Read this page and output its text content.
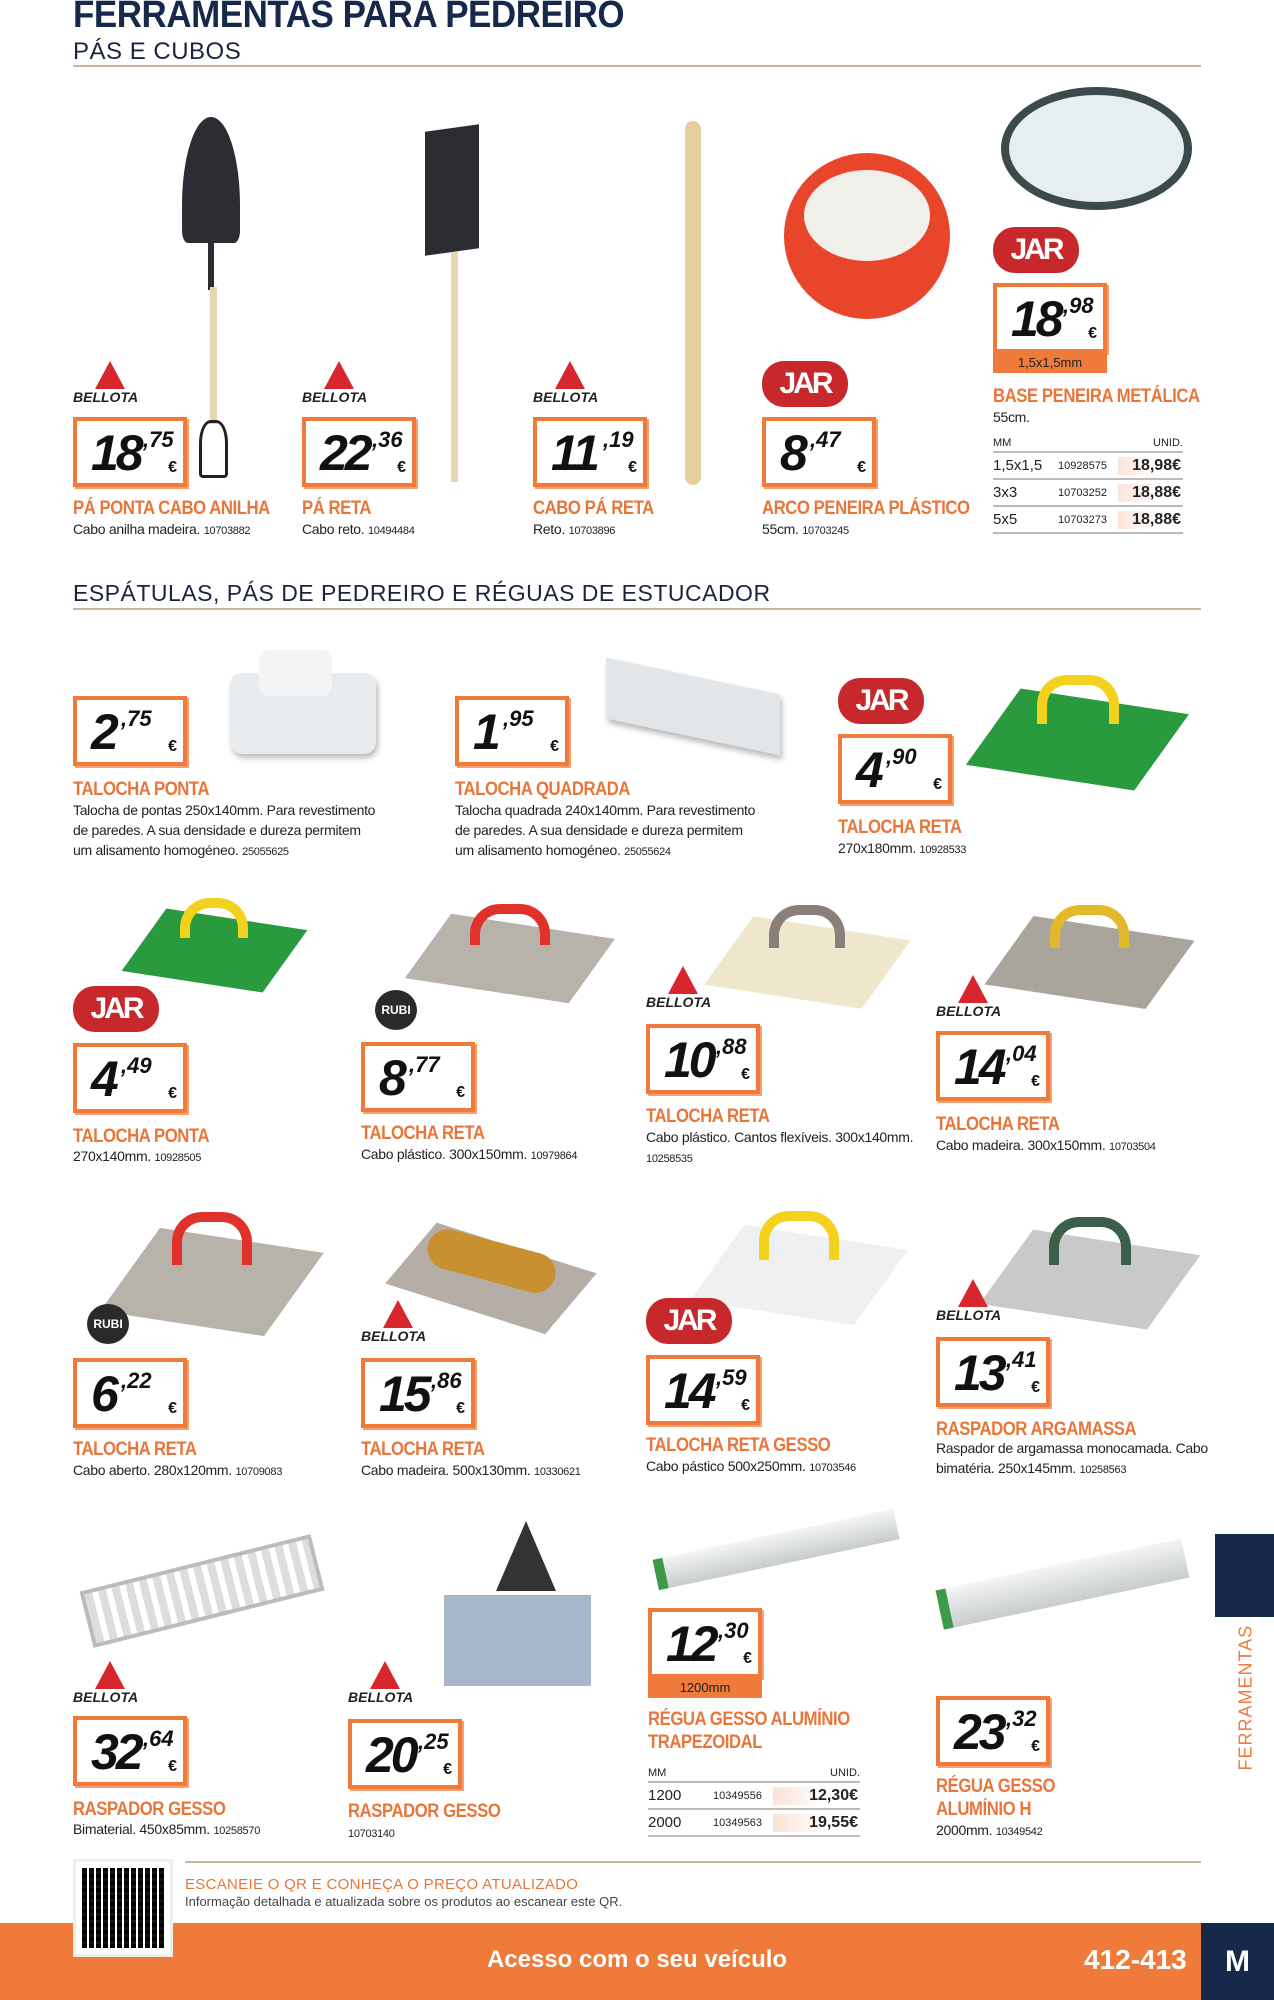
FERRAMENTAS PARA PEDREIRO
PÁS E CUBOS
ESPÁTULAS, PÁS DE PEDREIRO E RÉGUAS DE ESTUCADOR
BELLOTA
18 ,75
€
PÁ PONTA CABO ANILHA
Cabo anilha madeira. 10703882
BELLOTA
22 ,36
€
PÁ RETA
Cabo reto. 10494484
BELLOTA
11 ,19
€
CABO PÁ RETA
Reto. 10703896
JAR
8 ,47
€
ARCO PENEIRA PLÁSTICO
55cm. 10703245
JAR
18 ,98
€
1,5x1,5mm
BASE PENEIRA METÁLICA
55cm.
MM	UNID.
1,5x1,5	10928575	18,98€
3x3	10703252	18,88€
5x5	10703273	18,88€
2 ,75
€
TALOCHA PONTA
Talocha de pontas 250x140mm. Para revestimento de paredes. A sua densidade e dureza permitem um alisamento homogéneo. 25055625
1 ,95
€
TALOCHA QUADRADA
Talocha quadrada 240x140mm. Para revestimento de paredes. A sua densidade e dureza permitem um alisamento homogéneo. 25055624
JAR
4 ,90
€
TALOCHA RETA
270x180mm. 10928533
JAR
4 ,49
€
TALOCHA PONTA
270x140mm. 10928505
RUBI
8 ,77
€
TALOCHA RETA
Cabo plástico. 300x150mm. 10979864
BELLOTA
10 ,88
€
TALOCHA RETA
Cabo plástico. Cantos flexíveis. 300x140mm. 10258535
BELLOTA
14 ,04
€
TALOCHA RETA
Cabo madeira. 300x150mm. 10703504
RUBI
6 ,22
€
TALOCHA RETA
Cabo aberto. 280x120mm. 10709083
BELLOTA
15 ,86
€
TALOCHA RETA
Cabo madeira. 500x130mm. 10330621
JAR
14 ,59
€
TALOCHA RETA GESSO
Cabo pástico 500x250mm. 10703546
BELLOTA
13 ,41
€
RASPADOR ARGAMASSA
Raspador de argamassa monocamada. Cabo bimatéria. 250x145mm. 10258563
BELLOTA
32 ,64
€
RASPADOR GESSO
Bimaterial. 450x85mm. 10258570
BELLOTA
20 ,25
€
RASPADOR GESSO
10703140
12 ,30
€
1200mm
RÉGUA GESSO ALUMÍNIO
TRAPEZOIDAL
MM	UNID.
1200	10349556	12,30€
2000	10349563	19,55€
23 ,32
€
RÉGUA GESSO
ALUMÍNIO H
2000mm. 10349542
FERRAMENTAS
ESCANEIE O QR E CONHEÇA O PREÇO ATUALIZADO
Informação detalhada e atualizada sobre os produtos ao escanear este QR.
Acesso com o seu veículo	412-413	M
